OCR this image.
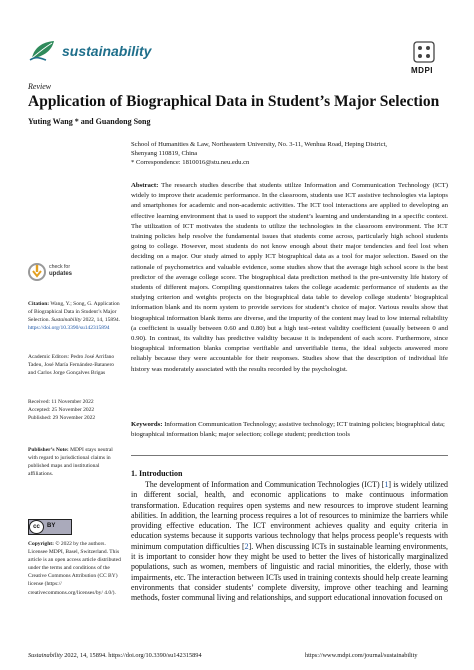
sustainability
MDPI
Review
Application of Biographical Data in Student’s Major Selection
Yuting Wang * and Guandong Song
School of Humanities & Law, Northeastern University, No. 3-11, Wenhua Road, Heping District,
Shenyang 110819, China
* Correspondence: 1810016@stu.neu.edu.cn
Abstract: The research studies describe that students utilize Information and Communication Technology (ICT) widely to improve their academic performance. In the classroom, students use ICT assistive technologies via laptops and smartphones for academic and non-academic activities. The ICT tool interactions are applied to developing an effective learning environment that is used to support the student’s learning and understanding in a specific context. The utilization of ICT motivates the students to utilize the technologies in the classroom environment. The ICT training policies help resolve the fundamental issues that students come across, particularly high school students going to college. However, most students do not know enough about their major tendencies and feel lost when deciding on a major. Our study aimed to apply ICT biographical data as a tool for major selection. Based on the rationale of psychometrics and valuable evidence, some studies show that the average high school score is the best predictor of the average college score. The biographical data prediction method is the pre-university life history of students of different majors. Compiling questionnaires takes the college academic performance of students as the studying criterion and weights projects on the biographical data table to develop college students’ biographical information blank and its norm system to provide services for student’s choice of major. Various results show that biographical information blank items are diverse, and the impurity of the content may lead to low internal reliability (a coefficient is usually between 0.60 and 0.80) but a high test–retest validity coefficient (usually between 0 and 0.90). In contrast, its validity has predictive validity because it is independent of each score. Furthermore, since biographical information blanks comprise verifiable and unverifiable items, the ideal subjects answered more reliably because they were accountable for their responses. Studies show that the description of individual life history was moderately associated with the results recorded by the psychologist.
Keywords: Information Communication Technology; assistive technology; ICT training policies; biographical data; biographical information blank; major selection; college student; prediction tools
1. Introduction
The development of Information and Communication Technologies (ICT) [1] is widely utilized in different social, health, and economic applications to make continuous information transformation. Education requires open systems and new resources to improve student learning abilities. In addition, the learning process requires a lot of resources to minimize the barriers while providing effective education. The ICT environment achieves quality and equity criteria in education systems because it supports various technology that helps process people’s requests with minimum computation difficulties [2]. When discussing ICTs in sustainable learning environments, it is important to consider how they might be used to better the lives of historically marginalized populations, such as women, members of linguistic and racial minorities, the elderly, those with impairments, etc. The interaction between ICTs used in training contexts should help create learning environments that consider students’ complete diversity, improve other teaching and learning methods, foster communal living and relationships, and support educational innovation focused on
check for
updates
Citation: Wang, Y.; Song, G. Application of Biographical Data in Student’s Major Selection. Sustainability 2022, 14, 15894. https://doi.org/10.3390/su142315894
Academic Editors: Pedro José Arrifano Tadeu, José María Fernández-Batanero and Carlos Jorge Gonçalves Brigas
Received: 11 November 2022
Accepted: 25 November 2022
Published: 29 November 2022
Publisher’s Note: MDPI stays neutral with regard to jurisdictional claims in published maps and institutional affiliations.
cc	BY
Copyright: © 2022 by the authors. Licensee MDPI, Basel, Switzerland. This article is an open access article distributed under the terms and conditions of the Creative Commons Attribution (CC BY) license (https:// creativecommons.org/licenses/by/ 4.0/).
Sustainability 2022, 14, 15894. https://doi.org/10.3390/su142315894	https://www.mdpi.com/journal/sustainability
